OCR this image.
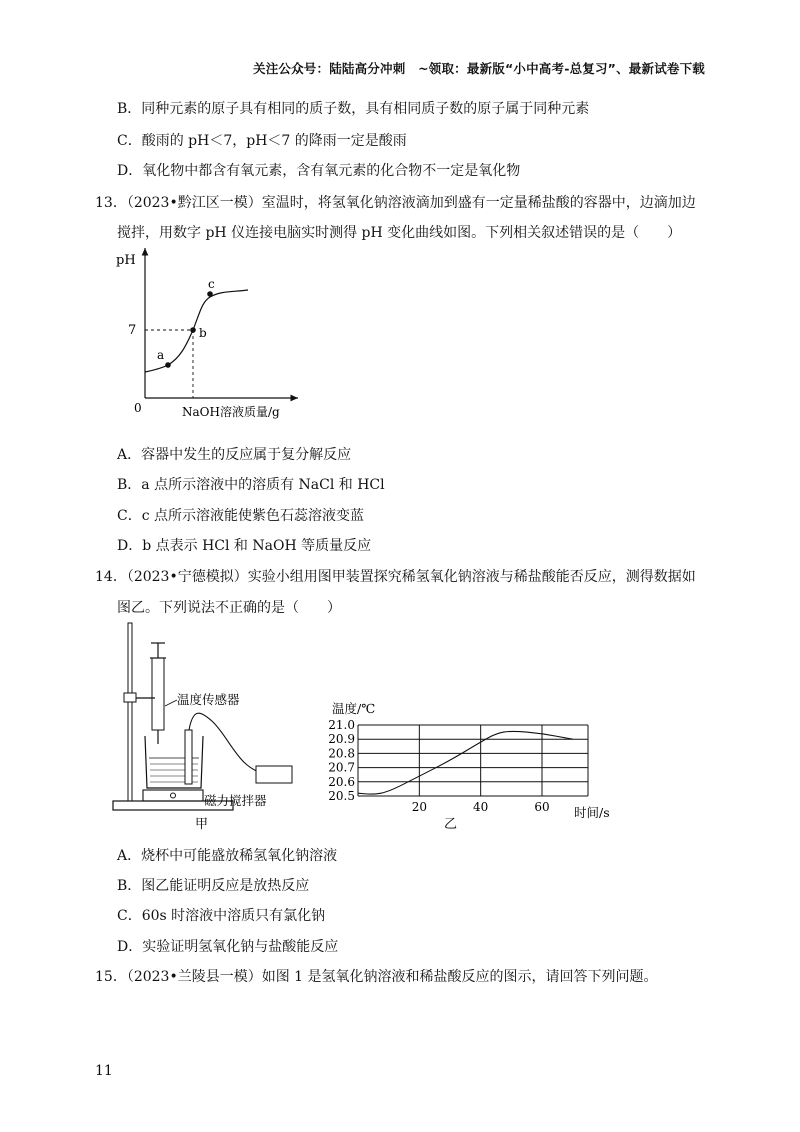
关注公众号：陆陆高分冲刺　~领取：最新版“小中高考-总复习”、最新试卷下载
B．同种元素的原子具有相同的质子数，具有相同质子数的原子属于同种元素
C．酸雨的 pH＜7，pH＜7 的降雨一定是酸雨
D．氧化物中都含有氧元素，含有氧元素的化合物不一定是氧化物
13．（2023•黔江区一模）室温时，将氢氧化钠溶液滴加到盛有一定量稀盐酸的容器中，边滴加边
搅拌，用数字 pH 仪连接电脑实时测得 pH 变化曲线如图。下列相关叙述错误的是（　　）
pH
0	NaOH溶液质量/g
7
a
b
c
A．容器中发生的反应属于复分解反应
B．a 点所示溶液中的溶质有 NaCl 和 HCl
C．c 点所示溶液能使紫色石蕊溶液变蓝
D．b 点表示 HCl 和 NaOH 等质量反应
14．（2023•宁德模拟）实验小组用图甲装置探究稀氢氧化钠溶液与稀盐酸能否反应，测得数据如
图乙。下列说法不正确的是（　　）
温度传感器
磁力搅拌器
甲
温度/℃
20.5
20.6
20.7
20.8
20.9
21.0
20	40	60 时间/s
乙
A．烧杯中可能盛放稀氢氧化钠溶液
B．图乙能证明反应是放热反应
C．60s 时溶液中溶质只有氯化钠
D．实验证明氢氧化钠与盐酸能反应
15．（2023•兰陵县一模）如图 1 是氢氧化钠溶液和稀盐酸反应的图示，请回答下列问题。
11
